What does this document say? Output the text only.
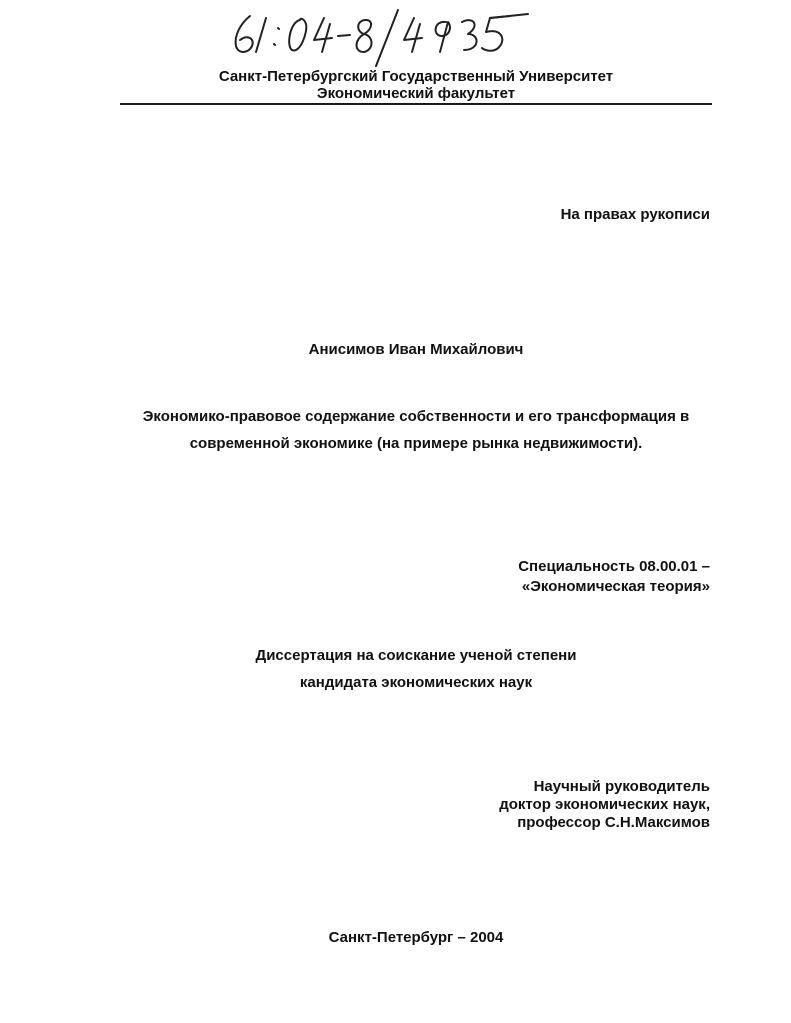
Санкт-Петербургский Государственный Университет
Экономический факультет
На правах рукописи
Анисимов Иван Михайлович
Экономико-правовое содержание собственности и его трансформация в
современной экономике (на примере рынка недвижимости).
Специальность 08.00.01 –
«Экономическая теория»
Диссертация на соискание ученой степени
кандидата экономических наук
Научный руководитель
доктор экономических наук,
профессор С.Н.Максимов
Санкт-Петербург – 2004
